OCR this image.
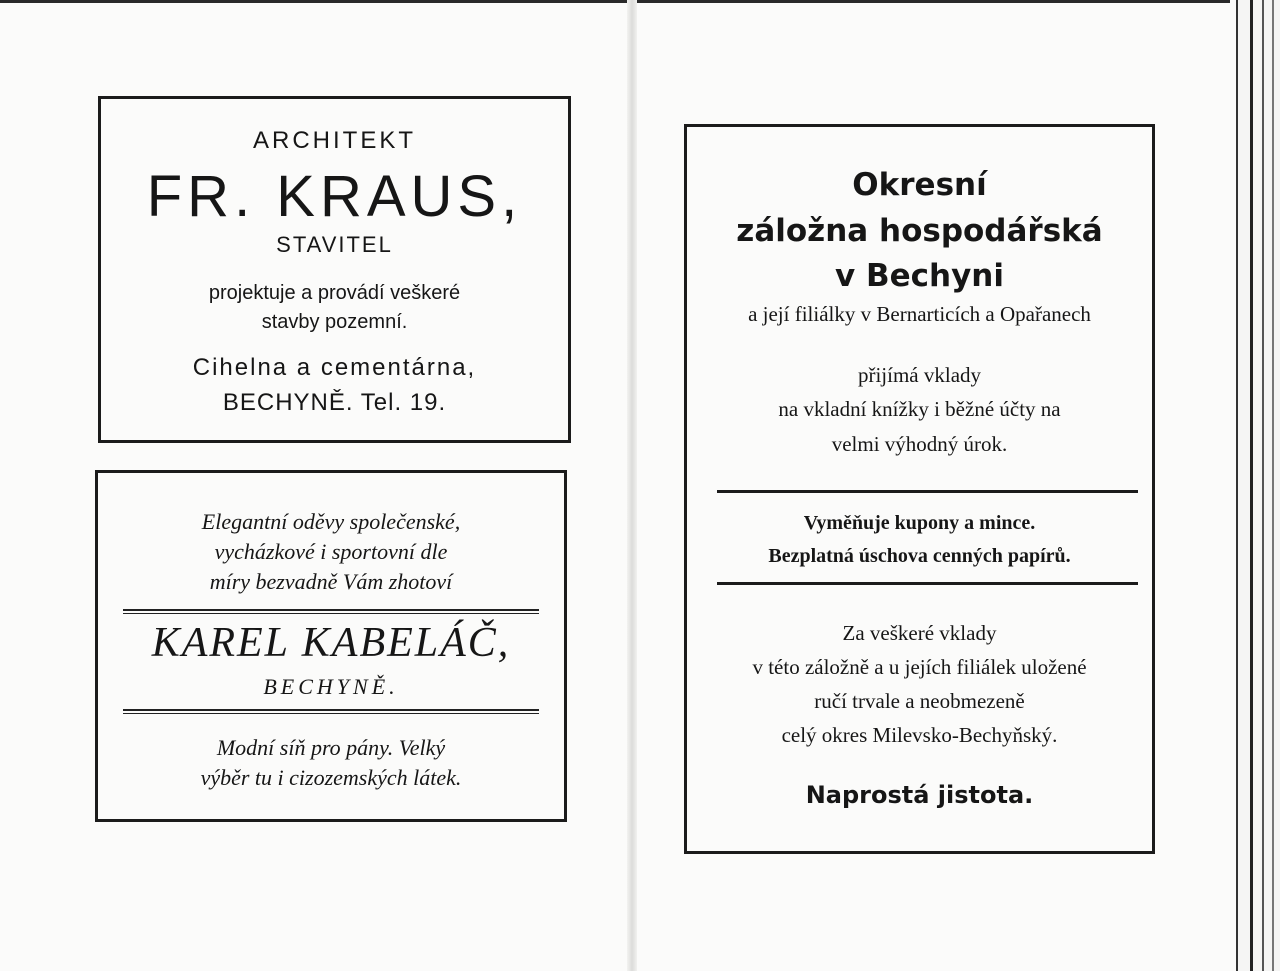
ARCHITEKT

FR. KRAUS,

STAVITEL

projektuje a provádí veškeré

stavby pozemní.

Cihelna a cementárna,

BECHYNĚ. Tel. 19.

Elegantní oděvy společenské,

vycházkové i sportovní dle

míry bezvadně Vám zhotoví

KAREL KABELÁČ,

BECHYNĚ.

Modní síň pro pány. Velký

výběr tu i cizozemských látek.

Okresní

záložna hospodářská

v Bechyni

a její filiálky v Bernarticích a Opařanech

přijímá vklady

na vkladní knížky i běžné účty na

velmi výhodný úrok.

Vyměňuje kupony a mince.

Bezplatná úschova cenných papírů.

Za veškeré vklady

v této záložně a u jejích filiálek uložené

ručí trvale a neobmezeně

celý okres Milevsko-Bechyňský.

Naprostá jistota.
